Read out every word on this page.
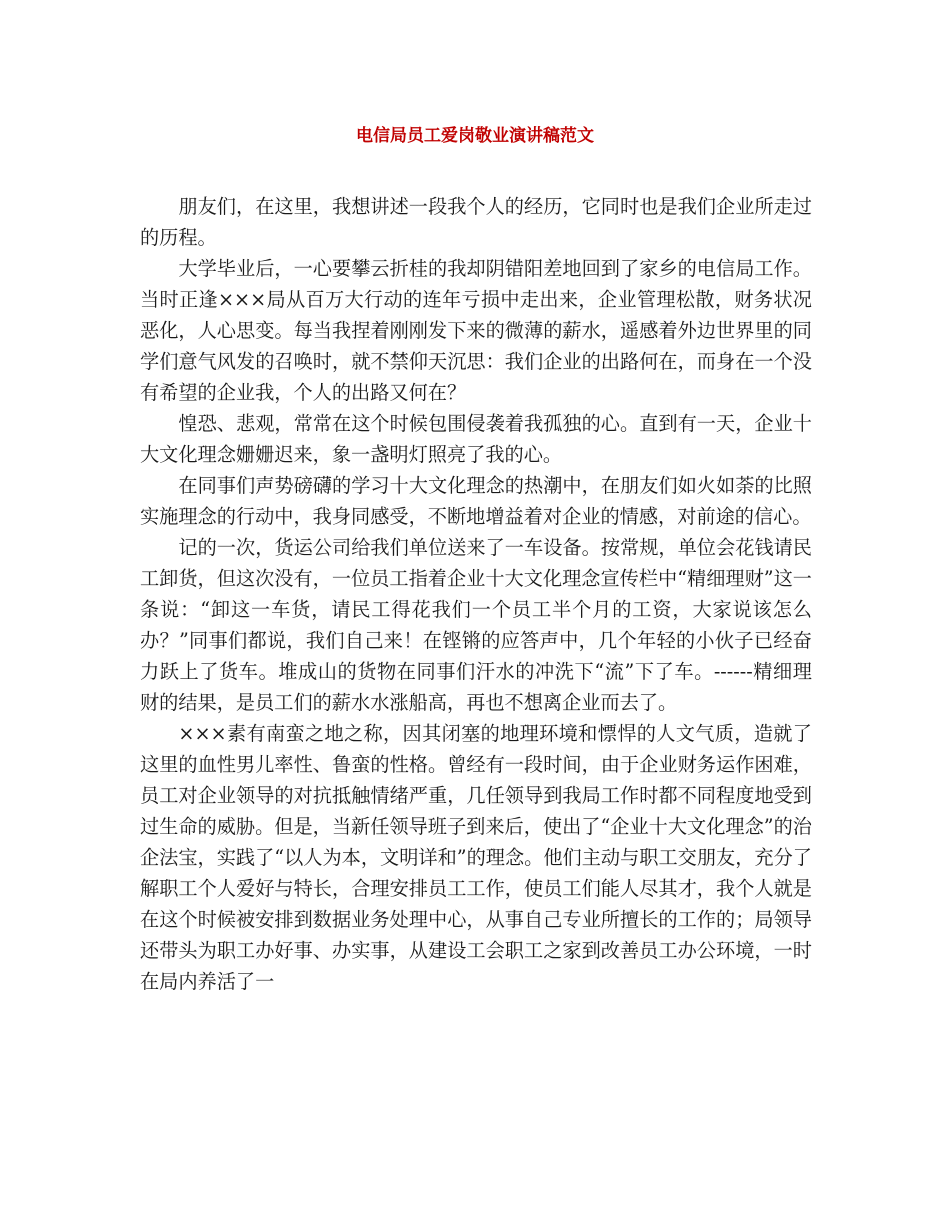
电信局员工爱岗敬业演讲稿范文

朋友们，在这里，我想讲述一段我个人的经历，它同时也是我们企业所走过的历程。

大学毕业后，一心要攀云折桂的我却阴错阳差地回到了家乡的电信局工作。当时正逢×××局从百万大行动的连年亏损中走出来，企业管理松散，财务状况恶化，人心思变。每当我捏着刚刚发下来的微薄的薪水，遥感着外边世界里的同学们意气风发的召唤时，就不禁仰天沉思：我们企业的出路何在，而身在一个没有希望的企业我，个人的出路又何在？

惶恐、悲观，常常在这个时候包围侵袭着我孤独的心。直到有一天，企业十大文化理念姗姗迟来，象一盏明灯照亮了我的心。

在同事们声势磅礴的学习十大文化理念的热潮中，在朋友们如火如荼的比照实施理念的行动中，我身同感受，不断地增益着对企业的情感，对前途的信心。

记的一次，货运公司给我们单位送来了一车设备。按常规，单位会花钱请民工卸货，但这次没有，一位员工指着企业十大文化理念宣传栏中“精细理财”这一条说：“卸这一车货，请民工得花我们一个员工半个月的工资，大家说该怎么办？”同事们都说，我们自己来！在铿锵的应答声中，几个年轻的小伙子已经奋力跃上了货车。堆成山的货物在同事们汗水的冲洗下“流”下了车。------精细理财的结果，是员工们的薪水水涨船高，再也不想离企业而去了。

×××素有南蛮之地之称，因其闭塞的地理环境和慓悍的人文气质，造就了这里的血性男儿率性、鲁蛮的性格。曾经有一段时间，由于企业财务运作困难，员工对企业领导的对抗抵触情绪严重，几任领导到我局工作时都不同程度地受到过生命的威胁。但是，当新任领导班子到来后，使出了“企业十大文化理念”的治企法宝，实践了“以人为本，文明详和”的理念。他们主动与职工交朋友，充分了解职工个人爱好与特长，合理安排员工工作，使员工们能人尽其才，我个人就是在这个时候被安排到数据业务处理中心，从事自己专业所擅长的工作的；局领导还带头为职工办好事、办实事，从建设工会职工之家到改善员工办公环境，一时在局内养活了一
